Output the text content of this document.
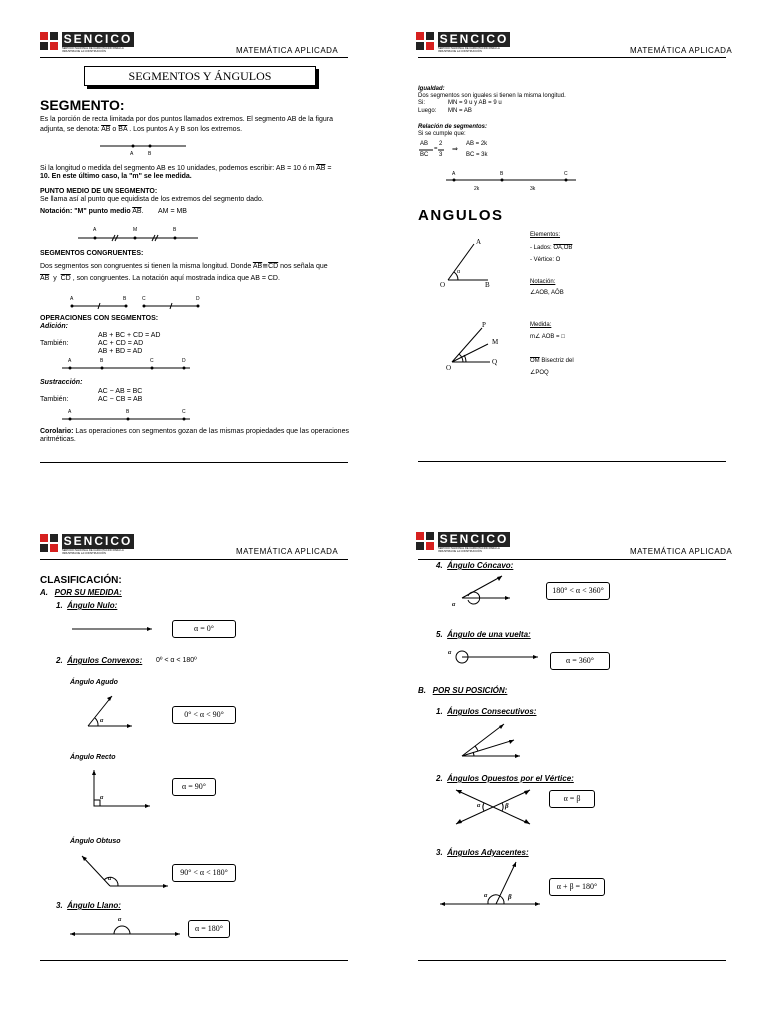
SENCICO
SERVICIO NACIONAL DE CAPACITACIÓN PARA LA INDUSTRIA DE LA CONSTRUCCIÓN	MATEMÁTICA APLICADA
SEGMENTOS Y ÁNGULOS
SEGMENTO:
Es la porción de recta limitada por dos puntos llamados extremos. El segmento AB de la figura
adjunta, se denota: $\overline{AB}$ o $\overline{BA}$ . Los puntos A y B son los extremos.
A	B
Si la longitud o medida del segmento AB es 10 unidades, podemos escribir: AB = 10 ó m $\overline{AB}$ =
10. En este último caso, la "m" se lee medida.
PUNTO MEDIO DE UN SEGMENTO:
Se llama así al punto que equidista de los extremos del segmento dado.
Notación: "M" punto medio $\overline{AB}$. AM = MB
A	M	B
SEGMENTOS CONGRUENTES:
Dos segmentos son congruentes si tienen la misma longitud. Donde $\overline{AB}≅\overline{CD}$ nos señala que
$\overline{AB}$ y $\overline{CD}$ , son congruentes. La notación aquí mostrada indica que AB = CD.
A	B	C	D
OPERACIONES CON SEGMENTOS:
Adición:
AB + BC + CD = AD
También:	AC + CD = AD
AB + BD = AD
A	B	C	D
Sustracción:
AC − AB = BC
También:	AC − CB = AB
A	B	C
Corolario: Las operaciones con segmentos gozan de las mismas propiedades que las operaciones
aritméticas.
SENCICO
SERVICIO NACIONAL DE CAPACITACIÓN PARA LA INDUSTRIA DE LA CONSTRUCCIÓN	MATEMÁTICA APLICADA
Igualdad:
Dos segmentos son iguales si tienen la misma longitud.
Si:	MN = 9 u y AB = 9 u
Luego: MN = AB
Relación de segmentos:
Si se cumple que:
AB
BC
=
2
3
⇒
AB = 2k
BC = 3k
A	B	C
2k	3k
ANGULOS
A
O	B
α
Elementos:
- Lados: OA,OB
- Vértice: O
Notación:
∠AOB, AÔB
P
M
Q
O
Medida:
m∠ AOB = □
$\overline{OM}$ Bisectriz del
∠POQ
SENCICO
SERVICIO NACIONAL DE CAPACITACIÓN PARA LA INDUSTRIA DE LA CONSTRUCCIÓN	MATEMÁTICA APLICADA
CLASIFICACIÓN:
A. POR SU MEDIDA:
1. Ángulo Nulo:
α = 0°
2. Ángulos Convexos: 0º < α < 180º
Ángulo Agudo
α
0° < α < 90°
Ángulo Recto
α
α = 90°
Ángulo Obtuso
α
90° < α < 180°
3. Ángulo Llano:
α
α = 180°
SENCICO
SERVICIO NACIONAL DE CAPACITACIÓN PARA LA INDUSTRIA DE LA CONSTRUCCIÓN	MATEMÁTICA APLICADA
4. Ángulo Cóncavo:
α
180° < α < 360°
5. Ángulo de una vuelta:
α
α = 360°
B. POR SU POSICIÓN:
1. Ángulos Consecutivos:
2. Ángulos Opuestos por el Vértice:
α	β
α = β
3. Ángulos Adyacentes:
α	β
α + β = 180°
